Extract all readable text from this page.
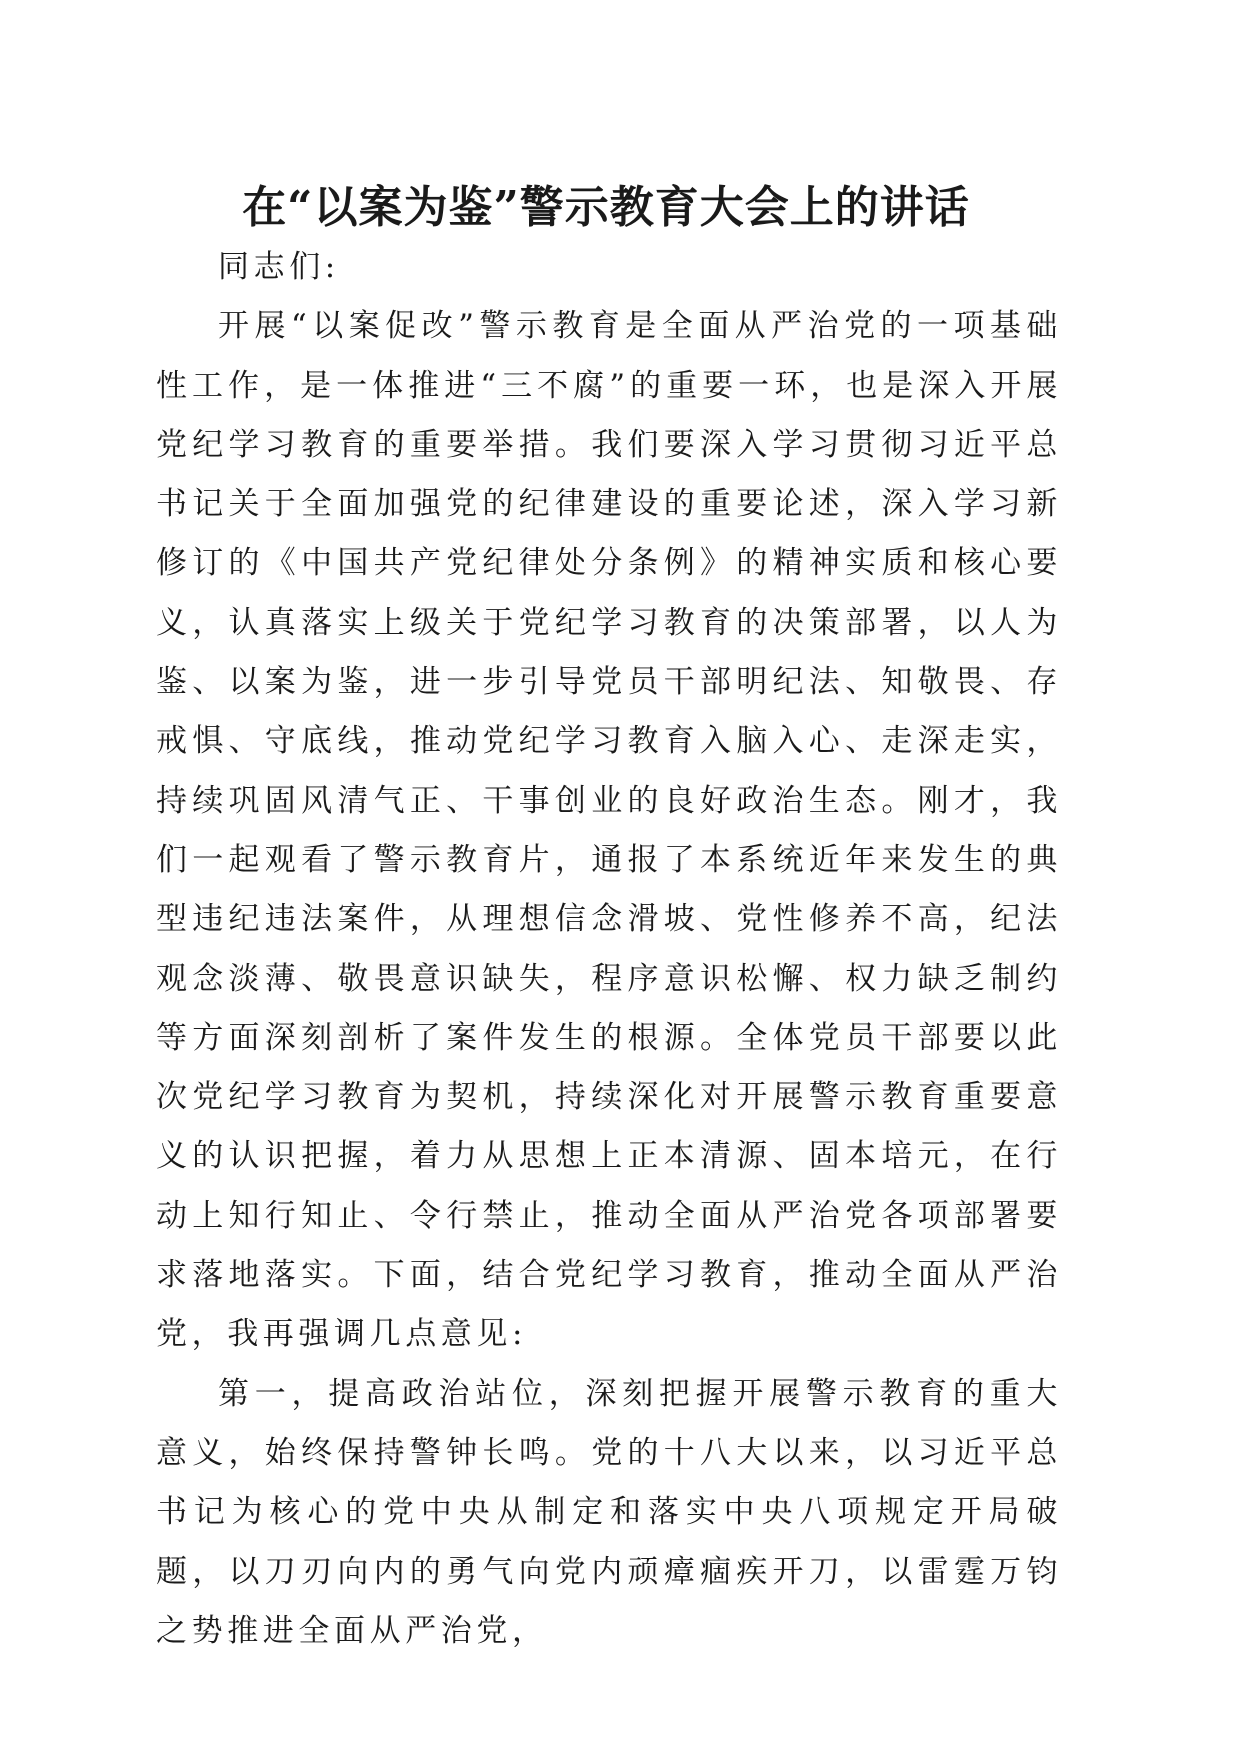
在“以案为鉴”警示教育大会上的讲话

同志们:

开展“以案促改”警示教育是全面从严治党的一项基础性工作，是一体推进“三不腐”的重要一环，也是深入开展党纪学习教育的重要举措。我们要深入学习贯彻习近平总书记关于全面加强党的纪律建设的重要论述，深入学习新修订的《中国共产党纪律处分条例》的精神实质和核心要义，认真落实上级关于党纪学习教育的决策部署，以人为鉴、以案为鉴，进一步引导党员干部明纪法、知敬畏、存戒惧、守底线，推动党纪学习教育入脑入心、走深走实，持续巩固风清气正、干事创业的良好政治生态。刚才，我们一起观看了警示教育片，通报了本系统近年来发生的典型违纪违法案件，从理想信念滑坡、党性修养不高，纪法观念淡薄、敬畏意识缺失，程序意识松懈、权力缺乏制约等方面深刻剖析了案件发生的根源。全体党员干部要以此次党纪学习教育为契机，持续深化对开展警示教育重要意义的认识把握，着力从思想上正本清源、固本培元，在行动上知行知止、令行禁止，推动全面从严治党各项部署要求落地落实。下面，结合党纪学习教育，推动全面从严治党，我再强调几点意见:

第一，提高政治站位，深刻把握开展警示教育的重大意义，始终保持警钟长鸣。党的十八大以来，以习近平总书记为核心的党中央从制定和落实中央八项规定开局破题，以刀刃向内的勇气向党内顽瘴痼疾开刀，以雷霆万钧之势推进全面从严治党，
